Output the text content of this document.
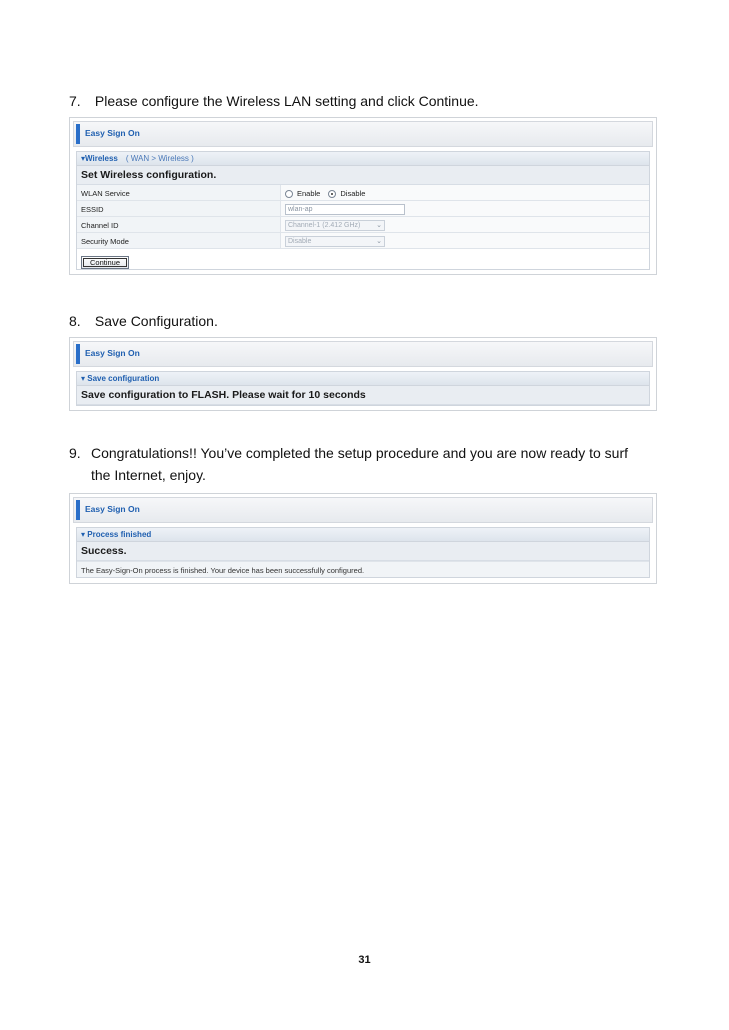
7. Please configure the Wireless LAN setting and click Continue.
Easy Sign On
▾Wireless ( WAN > Wireless )
Set Wireless configuration.
WLAN Service	Enable	Disable
ESSID	wlan-ap
Channel ID	Channel-1 (2.412 GHz) ⌄
Security Mode	Disable	⌄
Continue
8. Save Configuration.
Easy Sign On
▾ Save configuration
Save configuration to FLASH. Please wait for 10 seconds
9. Congratulations!! You’ve completed the setup procedure and you are now ready to surf
the Internet, enjoy.
Easy Sign On
▾ Process finished
Success.
The Easy-Sign-On process is finished. Your device has been successfully configured.
31
